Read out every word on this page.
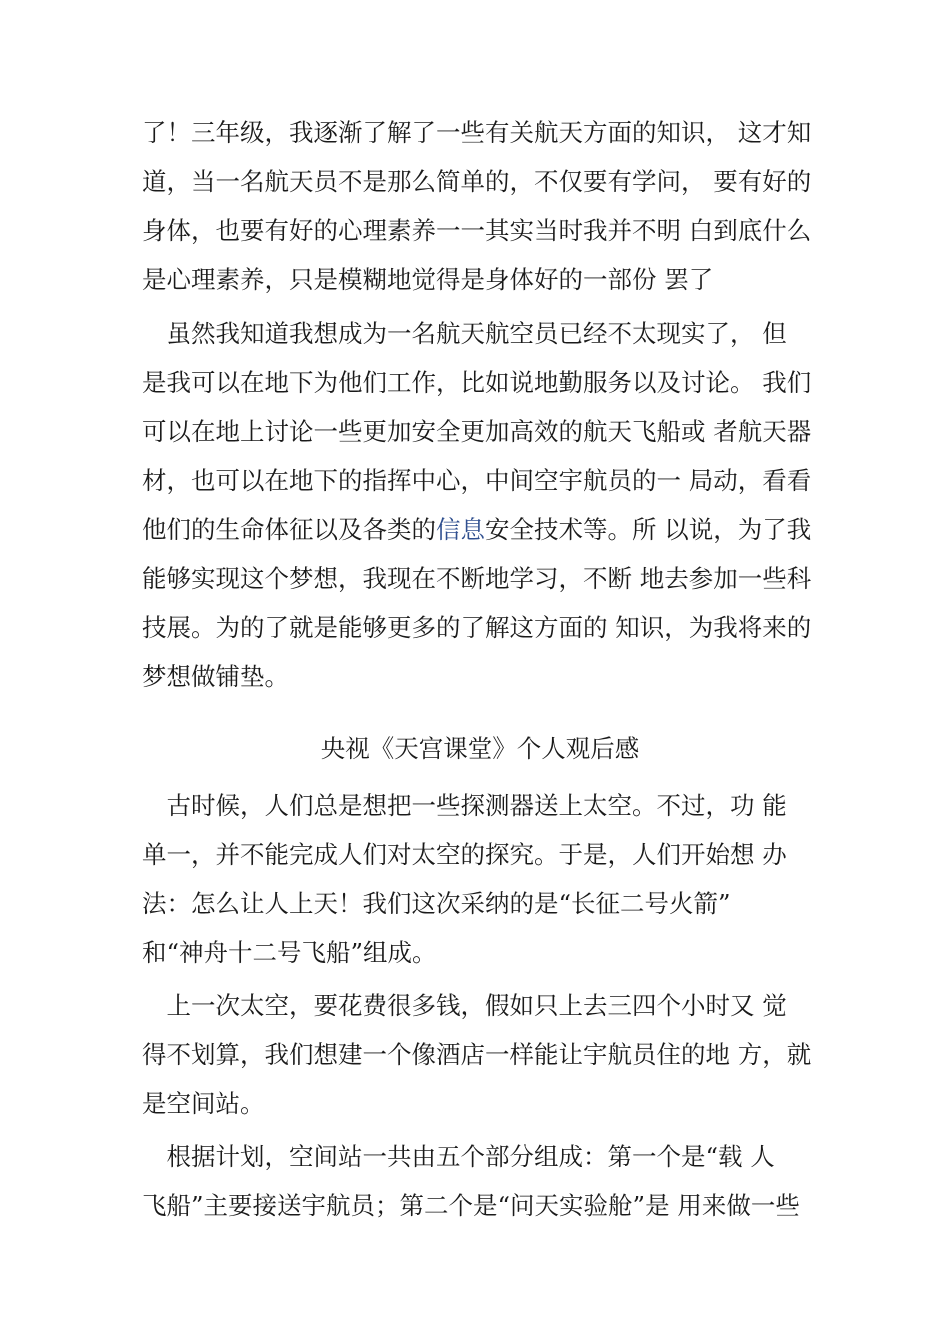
了！三年级，我逐渐了解了一些有关航天方面的知识， 这才知
道，当一名航天员不是那么简单的，不仅要有学问， 要有好的
身体，也要有好的心理素养一一其实当时我并不明 白到底什么
是心理素养，只是模糊地觉得是身体好的一部份 罢了
　虽然我知道我想成为一名航天航空员已经不太现实了， 但
是我可以在地下为他们工作，比如说地勤服务以及讨论。 我们
可以在地上讨论一些更加安全更加高效的航天飞船或 者航天器
材，也可以在地下的指挥中心，中间空宇航员的一 局动，看看
他们的生命体征以及各类的信息安全技术等。所 以说，为了我
能够实现这个梦想，我现在不断地学习，不断 地去参加一些科
技展。为的了就是能够更多的了解这方面的 知识，为我将来的
梦想做铺垫。
央视《天宫课堂》个人观后感
　古时候，人们总是想把一些探测器送上太空。不过，功 能
单一，并不能完成人们对太空的探究。于是，人们开始想 办
法：怎么让人上天！我们这次采纳的是“长征二号火箭”
和“神舟十二号飞船”组成。
　上一次太空，要花费很多钱，假如只上去三四个小时又 觉
得不划算，我们想建一个像酒店一样能让宇航员住的地 方，就
是空间站。
　根据计划，空间站一共由五个部分组成：第一个是“载 人
飞船”主要接送宇航员；第二个是“问天实验舱”是 用来做一些
